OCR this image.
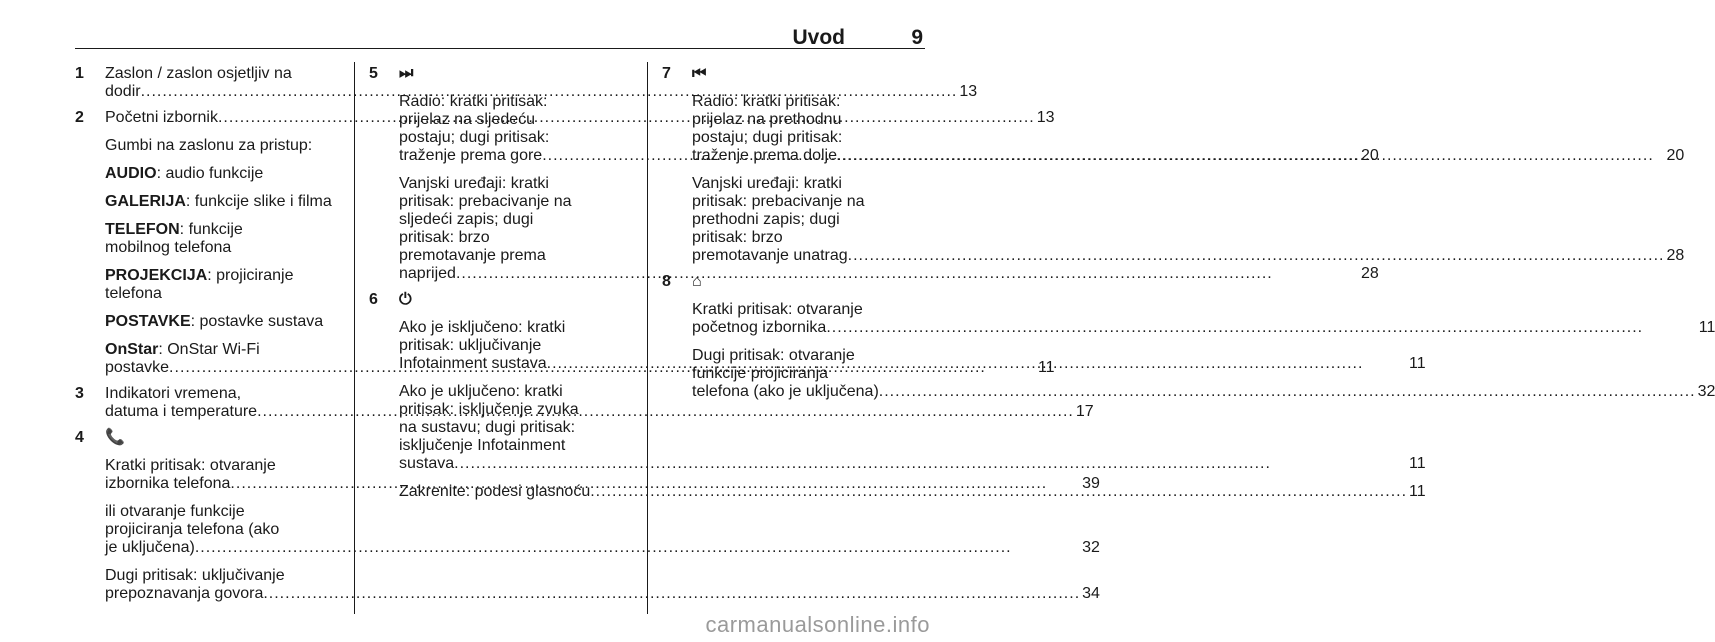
Uvod	9
1	Zaslon / zaslon osjetljiv na
dodir .....	13
2	Početni izbornik .....	13
Gumbi na zaslonu za pristup:
AUDIO: audio funkcije
GALERIJA: funkcije slike i filma
TELEFON: funkcije
mobilnog telefona
PROJEKCIJA: projiciranje
telefona
POSTAVKE: postavke sustava
OnStar: OnStar Wi-Fi
postavke .....	11
3	Indikatori vremena,
datuma i temperature .....	17
4	📞
Kratki pritisak: otvaranje
izbornika telefona .....	39
ili otvaranje funkcije
projiciranja telefona (ako
je uključena) .....	32
Dugi pritisak: uključivanje
prepoznavanja govora .....	34
5	⏭
Radio: kratki pritisak:
prijelaz na sljedeću
postaju; dugi pritisak:
traženje prema gore .....	20
Vanjski uređaji: kratki
pritisak: prebacivanje na
sljedeći zapis; dugi
pritisak: brzo
premotavanje prema
naprijed .....	28
6	⏻
Ako je isključeno: kratki
pritisak: uključivanje
Infotainment sustava .....	11
Ako je uključeno: kratki
pritisak: isključenje zvuka
na sustavu; dugi pritisak:
isključenje Infotainment
sustava .....	11
Zakrenite: podesi glasnoću .....	11
7	⏮
Radio: kratki pritisak:
prijelaz na prethodnu
postaju; dugi pritisak:
traženje prema dolje .....	20
Vanjski uređaji: kratki
pritisak: prebacivanje na
prethodni zapis; dugi
pritisak: brzo
premotavanje unatrag .....	28
8	⌂
Kratki pritisak: otvaranje
početnog izbornika .....	11
Dugi pritisak: otvaranje
funkcije projiciranja
telefona (ako je uključena) .....	32
carmanualsonline.info
